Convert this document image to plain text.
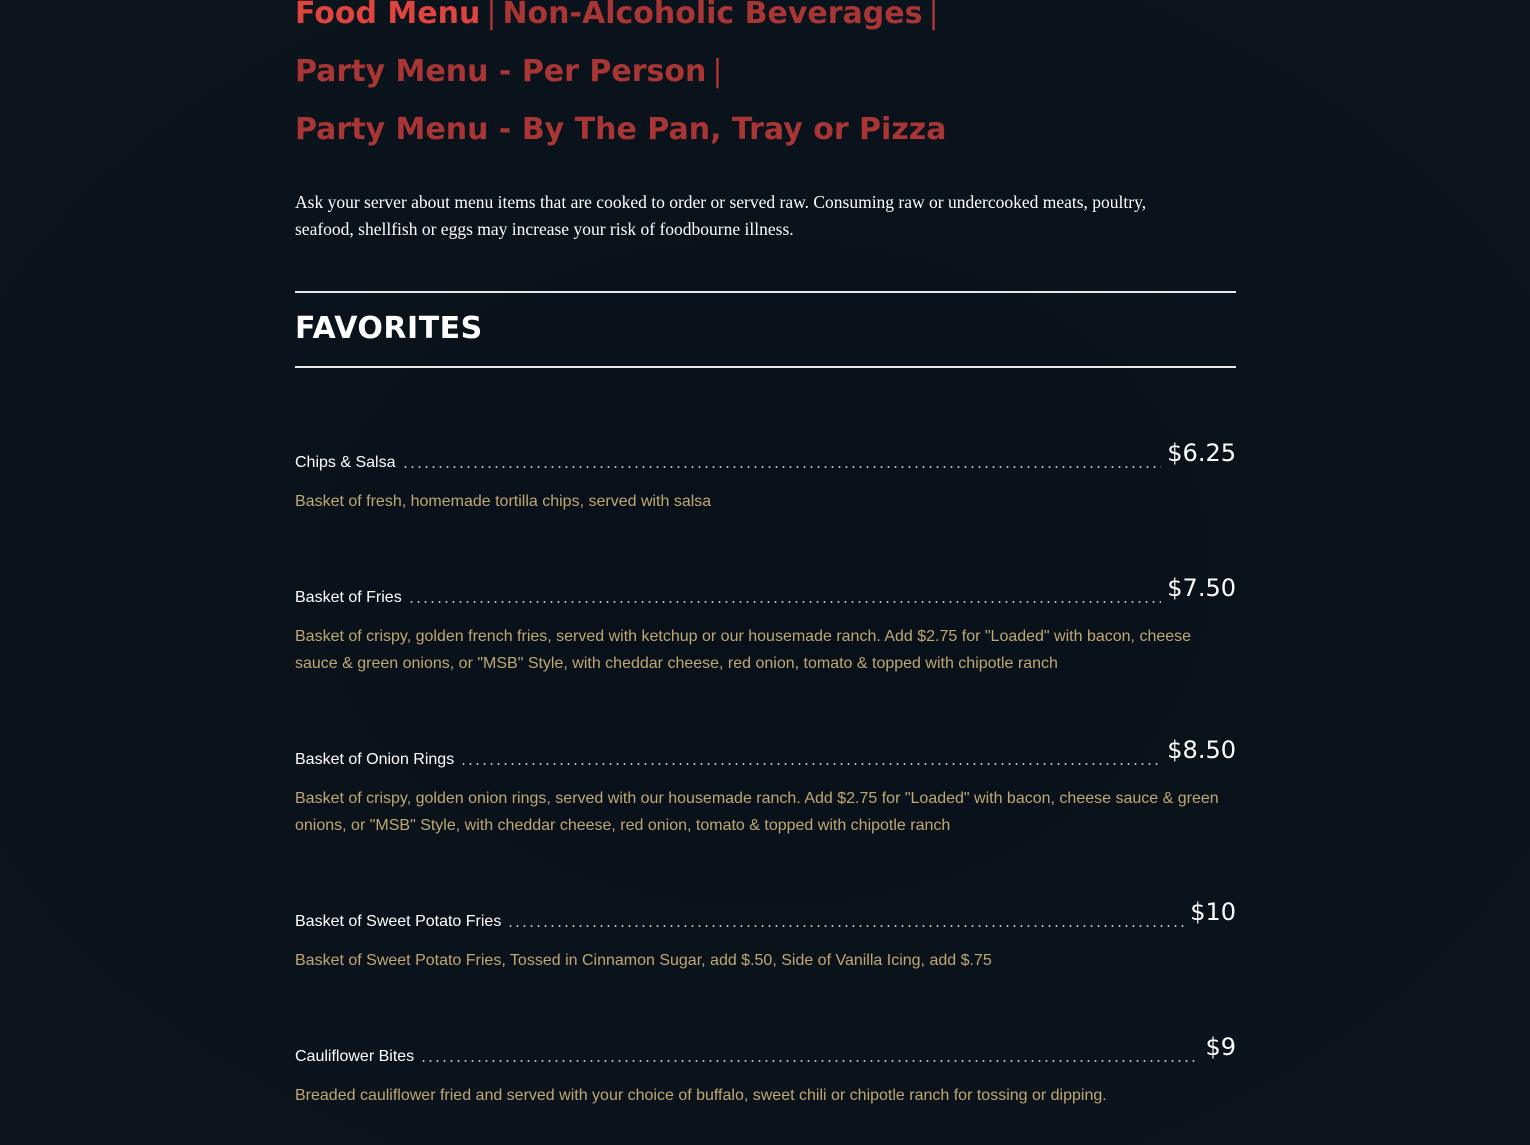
Food Menu | Non-Alcoholic Beverages |
Party Menu - Per Person |
Party Menu - By The Pan, Tray or Pizza

Ask your server about menu items that are cooked to order or served raw. Consuming raw or undercooked meats, poultry, seafood, shellfish or eggs may increase your risk of foodbourne illness.

FAVORITES
Chips & Salsa	$6.25
Basket of fresh, homemade tortilla chips, served with salsa
Basket of Fries	$7.50
Basket of crispy, golden french fries, served with ketchup or our housemade ranch. Add $2.75 for "Loaded" with bacon, cheese sauce & green onions, or "MSB" Style, with cheddar cheese, red onion, tomato & topped with chipotle ranch
Basket of Onion Rings	$8.50
Basket of crispy, golden onion rings, served with our housemade ranch. Add $2.75 for "Loaded" with bacon, cheese sauce & green onions, or "MSB" Style, with cheddar cheese, red onion, tomato & topped with chipotle ranch
Basket of Sweet Potato Fries	$10
Basket of Sweet Potato Fries, Tossed in Cinnamon Sugar, add $.50, Side of Vanilla Icing, add $.75
Cauliflower Bites	$9
Breaded cauliflower fried and served with your choice of buffalo, sweet chili or chipotle ranch for tossing or dipping.
